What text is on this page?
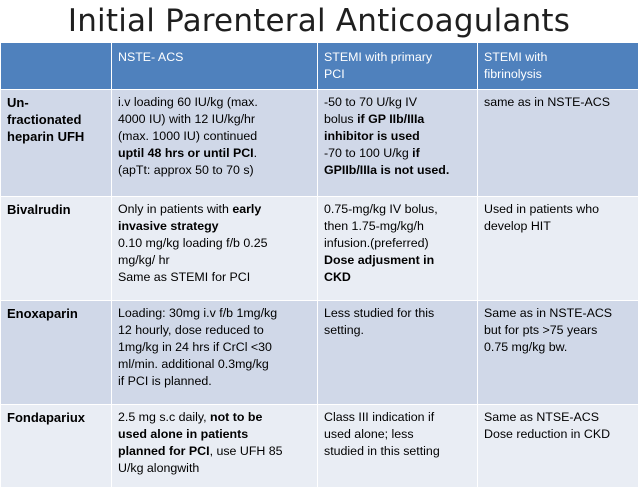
Initial Parenteral Anticoagulants
	NSTE- ACS	STEMI with primary
PCI	STEMI with
fibrinolysis

Un-
fractionated
heparin UFH	i.v loading 60 IU/kg (max.
4000 IU) with 12 IU/kg/hr
(max. 1000 IU) continued
uptil 48 hrs or until PCI.
(apTt: approx 50 to 70 s)	-50 to 70 U/kg IV
bolus if GP IIb/IIIa
inhibitor is used
-70 to 100 U/kg if
GPIIb/IIIa is not used.	same as in NSTE-ACS

Bivalrudin	Only in patients with early
invasive strategy
0.10 mg/kg loading f/b 0.25
mg/kg/ hr
Same as STEMI for PCI	0.75-mg/kg IV bolus,
then 1.75-mg/kg/h
infusion.(preferred)
Dose adjusment in
CKD	Used in patients who
develop HIT

Enoxaparin	Loading: 30mg i.v f/b 1mg/kg
12 hourly, dose reduced to
1mg/kg in 24 hrs if CrCl <30
ml/min. additional 0.3mg/kg
if PCI is planned.	Less studied for this
setting.	Same as in NSTE-ACS
but for pts >75 years
0.75 mg/kg bw.

Fondapariux	2.5 mg s.c daily, not to be
used alone in patients
planned for PCI, use UFH 85
U/kg alongwith	Class III indication if
used alone; less
studied in this setting	Same as NTSE-ACS
Dose reduction in CKD
